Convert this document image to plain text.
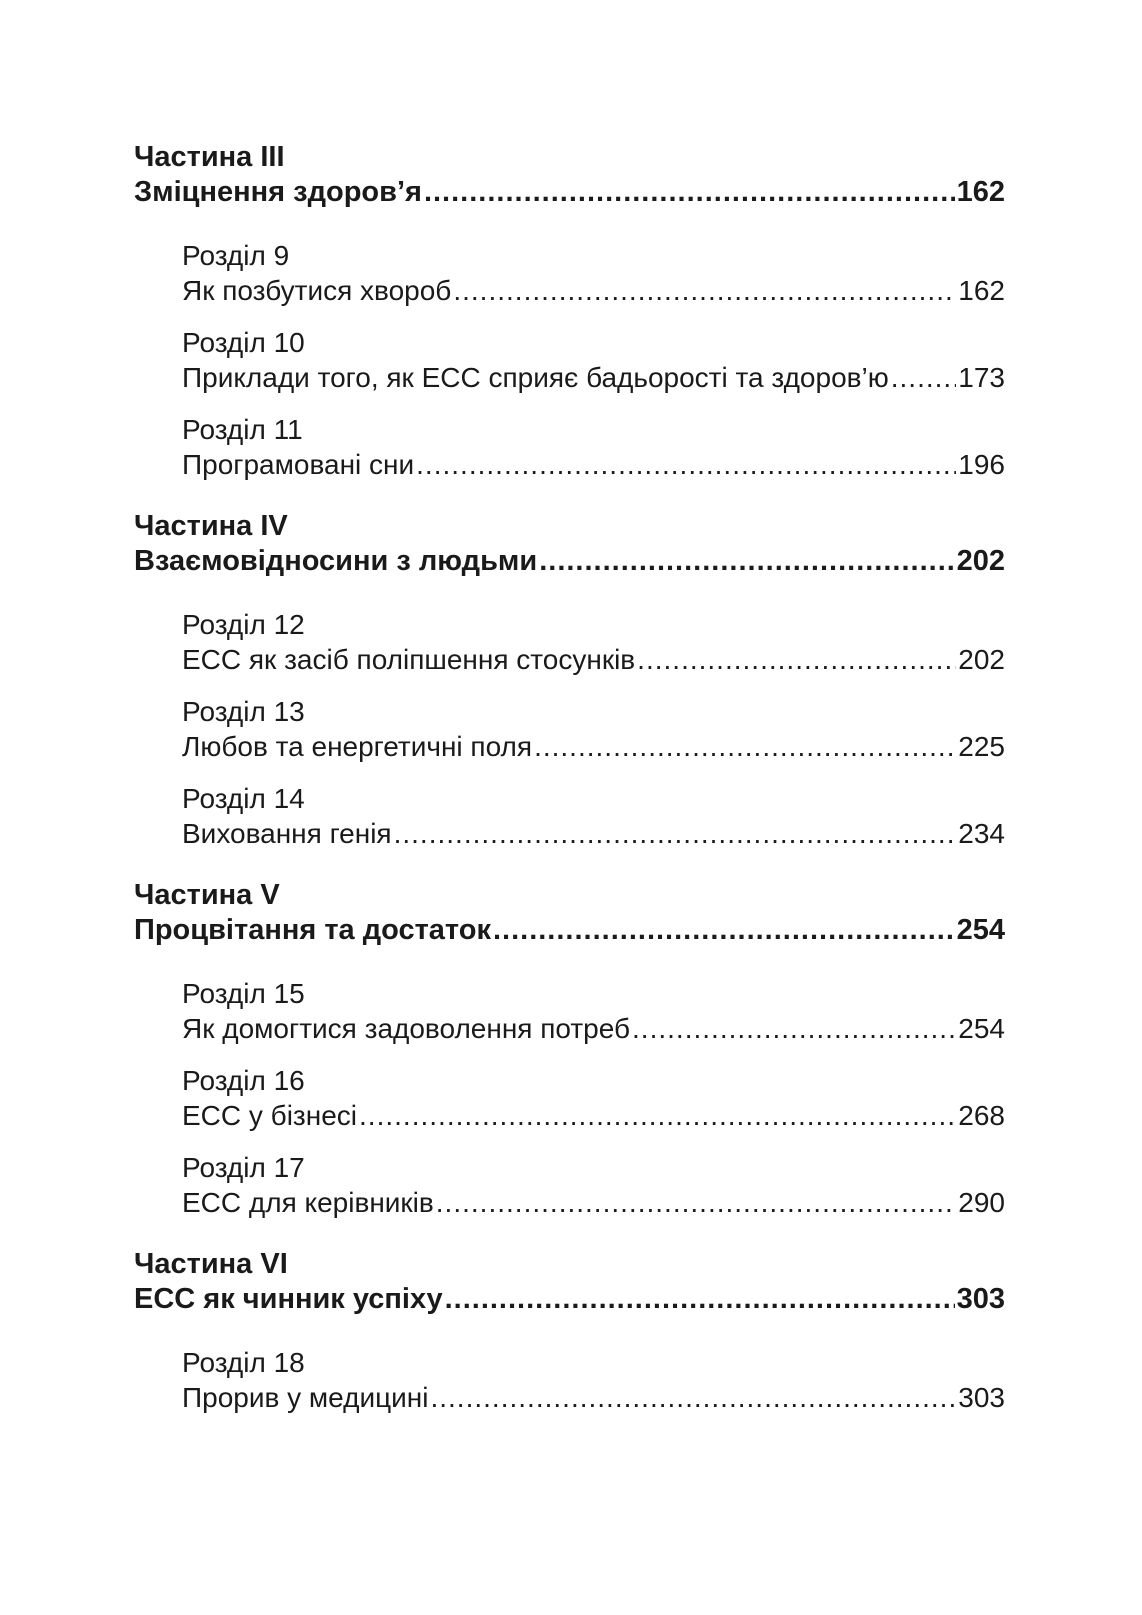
Частина III
Зміцнення здоров’я .....	162
Розділ 9
Як позбутися хвороб .....	162
Розділ 10
Приклади того, як ЕСС сприяє бадьорості та здоров’ю ..... 173
Розділ 11
Програмовані сни .....	196
Частина IV
Взаємовідносини з людьми .....	202
Розділ 12
ЕСС як засіб поліпшення стосунків .....	202
Розділ 13
Любов та енергетичні поля .....	225
Розділ 14
Виховання генія .....	234
Частина V
Процвітання та достаток .....	254
Розділ 15
Як домогтися задоволення потреб .....	254
Розділ 16
ЕСС у бізнесі .....	268
Розділ 17
ЕСС для керівників .....	290
Частина VI
ЕСС як чинник успіху .....	303
Розділ 18
Прорив у медицині .....	303
